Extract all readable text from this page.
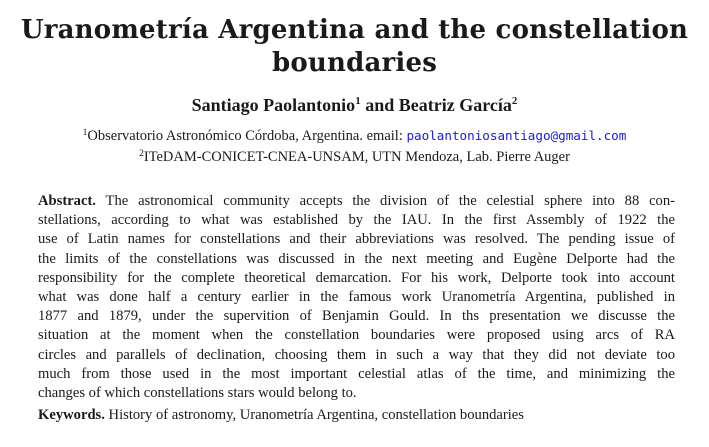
Uranometría Argentina and the constellation boundaries
Santiago Paolantonio$^1$ and Beatriz García$^2$
$^1$Observatorio Astronómico Córdoba, Argentina. email: paolantoniosantiago@gmail.com
$^2$ITeDAM-CONICET-CNEA-UNSAM, UTN Mendoza, Lab. Pierre Auger
Abstract. The astronomical community accepts the division of the celestial sphere into 88 con-
stellations, according to what was established by the IAU. In the first Assembly of 1922 the
use of Latin names for constellations and their abbreviations was resolved. The pending issue of
the limits of the constellations was discussed in the next meeting and Eugène Delporte had the
responsibility for the complete theoretical demarcation. For his work, Delporte took into account
what was done half a century earlier in the famous work Uranometría Argentina, published in
1877 and 1879, under the supervition of Benjamin Gould. In ths presentation we discusse the
situation at the moment when the constellation boundaries were proposed using arcs of RA
circles and parallels of declination, choosing them in such a way that they did not deviate too
much from those used in the most important celestial atlas of the time, and minimizing the
changes of which constellations stars would belong to.

Keywords. History of astronomy, Uranometría Argentina, constellation boundaries
